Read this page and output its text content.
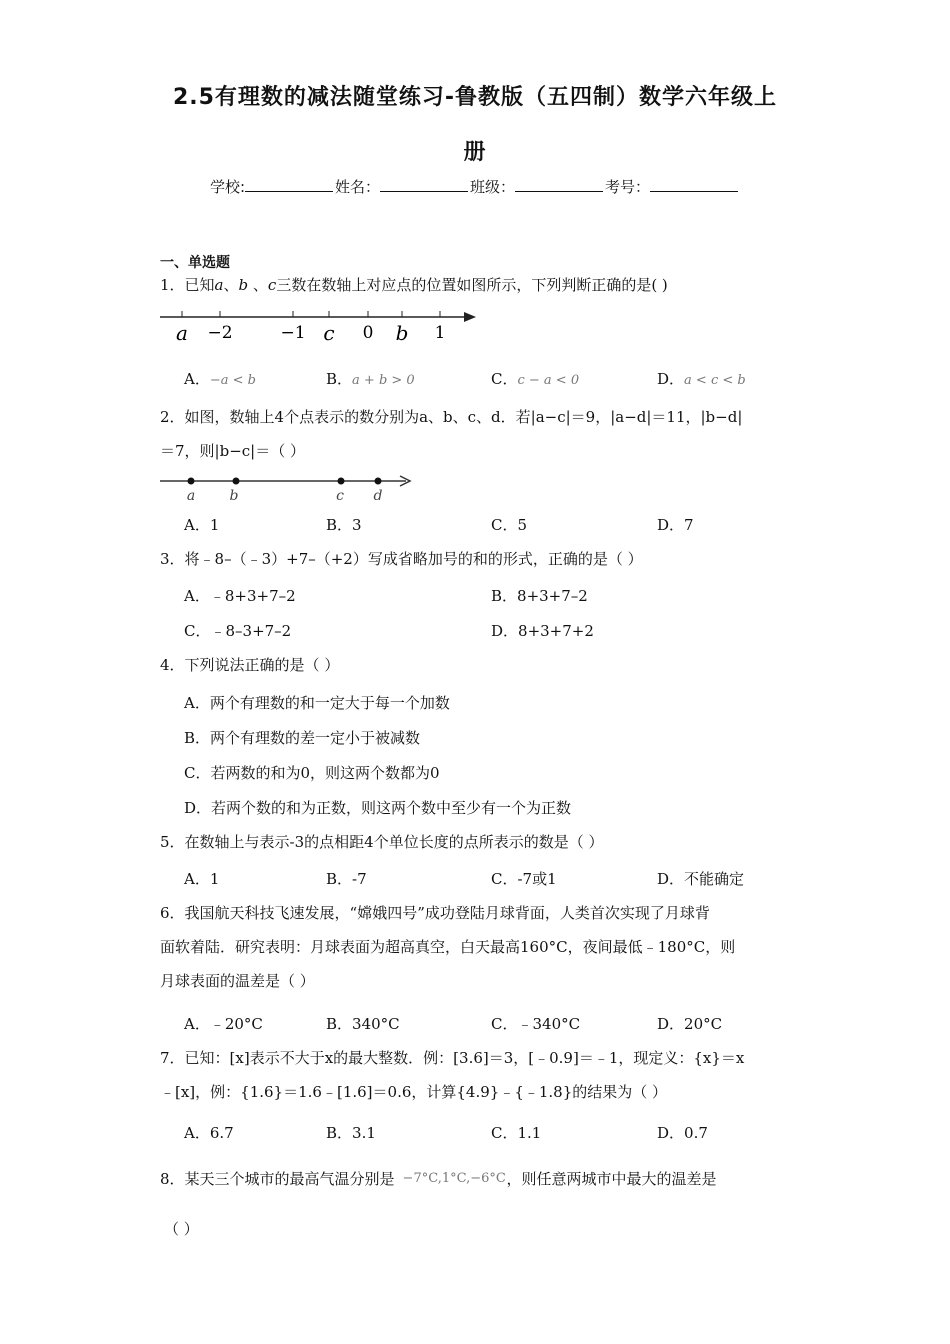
2.5有理数的减法随堂练习-鲁教版（五四制）数学六年级上
册
学校:	姓名：	班级：	考号：
一、单选题
1．已知a、b 、c三数在数轴上对应点的位置如图所示，下列判断正确的是( )
a −2	−1 c 0 b 1
A．−a < b	B．a + b > 0	C．c − a < 0	D．a < c < b
2．如图，数轴上4个点表示的数分别为a、b、c、d．若|a−c|＝9，|a−d|＝11，|b−d|
＝7，则|b−c|＝（ ）
a b	c d
A．1	B．3	C．5	D．7
3．将﹣8–（﹣3）+7–（+2）写成省略加号的和的形式，正确的是（ ）
A．﹣8+3+7–2	B．8+3+7–2
C．﹣8–3+7–2	D．8+3+7+2
4．下列说法正确的是（ ）
A．两个有理数的和一定大于每一个加数
B．两个有理数的差一定小于被减数
C．若两数的和为0，则这两个数都为0
D．若两个数的和为正数，则这两个数中至少有一个为正数
5．在数轴上与表示-3的点相距4个单位长度的点所表示的数是（ ）
A．1	B．-7	C．-7或1	D．不能确定
6．我国航天科技飞速发展，“嫦娥四号”成功登陆月球背面，人类首次实现了月球背
面软着陆．研究表明：月球表面为超高真空，白天最高160°C，夜间最低﹣180°C，则
月球表面的温差是（ ）
A．﹣20°C	B．340°C	C．﹣340°C	D．20°C
7．已知：[x]表示不大于x的最大整数．例：[3.6]＝3，[﹣0.9]＝﹣1，现定义：{x}＝x
﹣[x]，例：{1.6}＝1.6﹣[1.6]＝0.6，计算{4.9}﹣{﹣1.8}的结果为（ ）
A．6.7	B．3.1	C．1.1	D．0.7
8．某天三个城市的最高气温分别是 −7°C,1°C,−6°C ，则任意两城市中最大的温差是
（ ）
